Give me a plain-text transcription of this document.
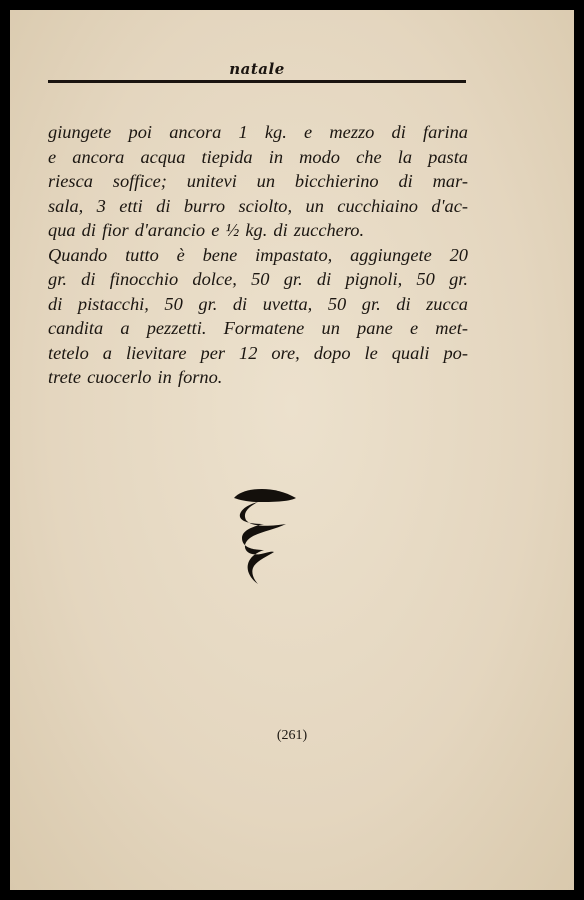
natale

giungete poi ancora 1 kg. e mezzo di farina
e ancora acqua tiepida in modo che la pasta
riesca soffice; unitevi un bicchierino di mar-
sala, 3 etti di burro sciolto, un cucchiaino d'ac-
qua di fior d'arancio e ½ kg. di zucchero.
Quando tutto è bene impastato, aggiungete 20
gr. di finocchio dolce, 50 gr. di pignoli, 50 gr.
di pistacchi, 50 gr. di uvetta, 50 gr. di zucca
candita a pezzetti. Formatene un pane e met-
tetelo a lievitare per 12 ore, dopo le quali po-
trete cuocerlo in forno.

(261)
